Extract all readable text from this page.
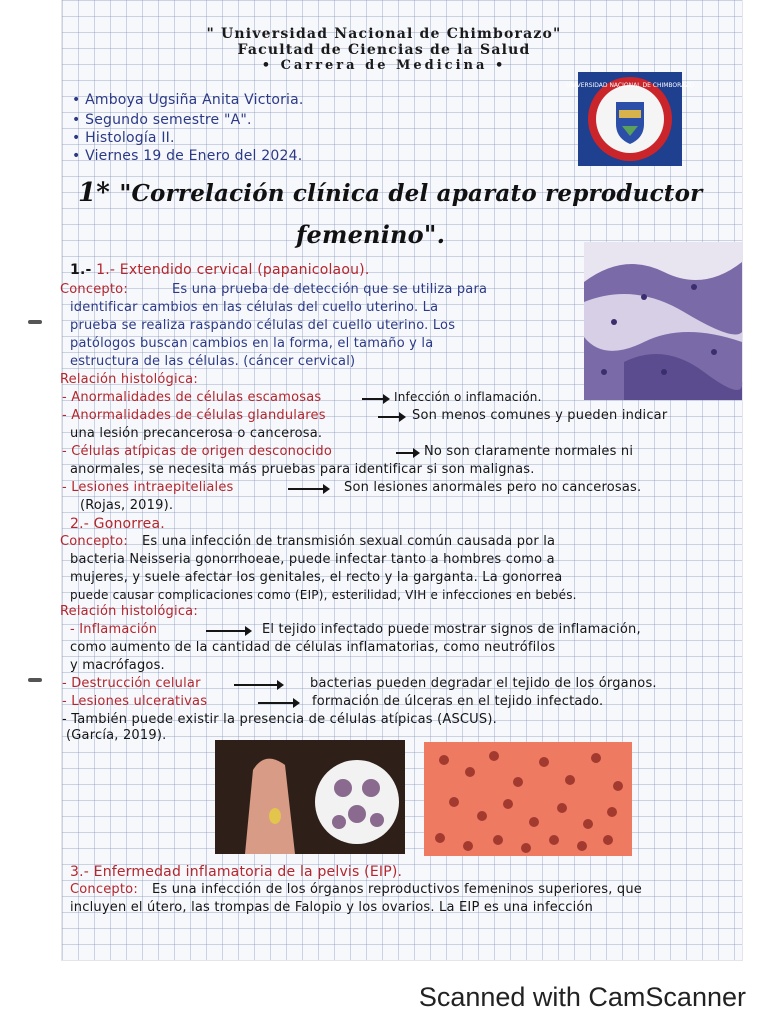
" Universidad Nacional de Chimborazo"
Facultad de Ciencias de la Salud
• Carrera de Medicina •
• Amboya Ugsiña Anita Victoria.
• Segundo semestre "A".
• Histología II.
• Viernes 19 de Enero del 2024.
UNIVERSIDAD NACIONAL DE CHIMBORAZO
1* "Correlación clínica del aparato reproductor
femenino".
1.- 1.- Extendido cervical (papanicolaou).
Concepto:	Es una prueba de detección que se utiliza para
identificar cambios en las células del cuello uterino. La
prueba se realiza raspando células del cuello uterino. Los
patólogos buscan cambios en la forma, el tamaño y la
estructura de las células. (cáncer cervical)
Relación histológica:
- Anormalidades de células escamosas	Infección o inflamación.
- Anormalidades de células glandulares	Son menos comunes y pueden indicar
una lesión precancerosa o cancerosa.
- Células atípicas de origen desconocido	No son claramente normales ni
anormales, se necesita más pruebas para identificar si son malignas.
- Lesiones intraepiteliales	Son lesiones anormales pero no cancerosas.
(Rojas, 2019).
2.- Gonorrea.
Concepto: Es una infección de transmisión sexual común causada por la
bacteria Neisseria gonorrhoeae, puede infectar tanto a hombres como a
mujeres, y suele afectar los genitales, el recto y la garganta. La gonorrea
puede causar complicaciones como (EIP), esterilidad, VIH e infecciones en bebés.
Relación histológica:
- Inflamación	El tejido infectado puede mostrar signos de inflamación,
como aumento de la cantidad de células inflamatorias, como neutrófilos
y macrófagos.
- Destrucción celular	bacterias pueden degradar el tejido de los órganos.
- Lesiones ulcerativas	formación de úlceras en el tejido infectado.
- También puede existir la presencia de células atípicas (ASCUS).
(García, 2019).
3.- Enfermedad inflamatoria de la pelvis (EIP).
Concepto: Es una infección de los órganos reproductivos femeninos superiores, que
incluyen el útero, las trompas de Falopio y los ovarios. La EIP es una infección
Scanned with CamScanner
